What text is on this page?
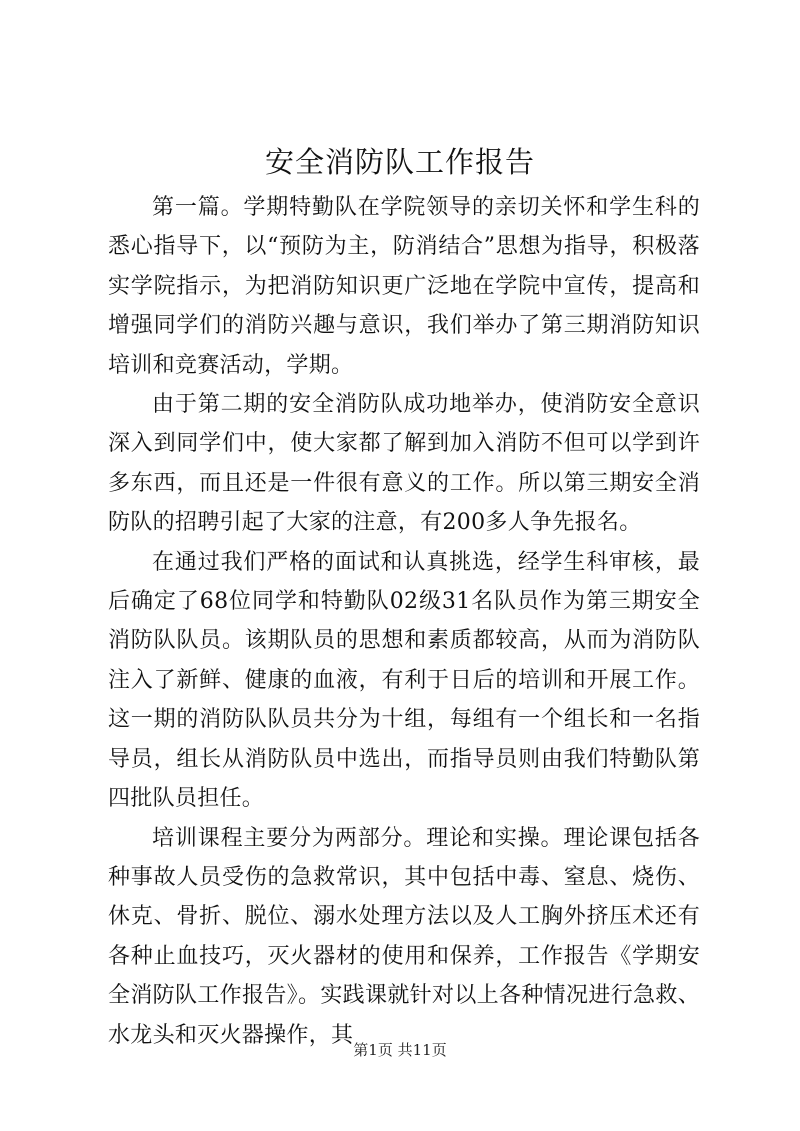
安全消防队工作报告

第一篇。学期特勤队在学院领导的亲切关怀和学生科的悉心指导下，以“预防为主，防消结合”思想为指导，积极落实学院指示，为把消防知识更广泛地在学院中宣传，提高和增强同学们的消防兴趣与意识，我们举办了第三期消防知识培训和竞赛活动，学期。

由于第二期的安全消防队成功地举办，使消防安全意识深入到同学们中，使大家都了解到加入消防不但可以学到许多东西，而且还是一件很有意义的工作。所以第三期安全消防队的招聘引起了大家的注意，有200多人争先报名。

在通过我们严格的面试和认真挑选，经学生科审核，最后确定了68位同学和特勤队02级31名队员作为第三期安全消防队队员。该期队员的思想和素质都较高，从而为消防队注入了新鲜、健康的血液，有利于日后的培训和开展工作。这一期的消防队队员共分为十组，每组有一个组长和一名指导员，组长从消防队员中选出，而指导员则由我们特勤队第四批队员担任。

培训课程主要分为两部分。理论和实操。理论课包括各种事故人员受伤的急救常识，其中包括中毒、窒息、烧伤、休克、骨折、脱位、溺水处理方法以及人工胸外挤压术还有各种止血技巧，灭火器材的使用和保养，工作报告《学期安全消防队工作报告》。实践课就针对以上各种情况进行急救、水龙头和灭火器操作，其

第1页 共11页
